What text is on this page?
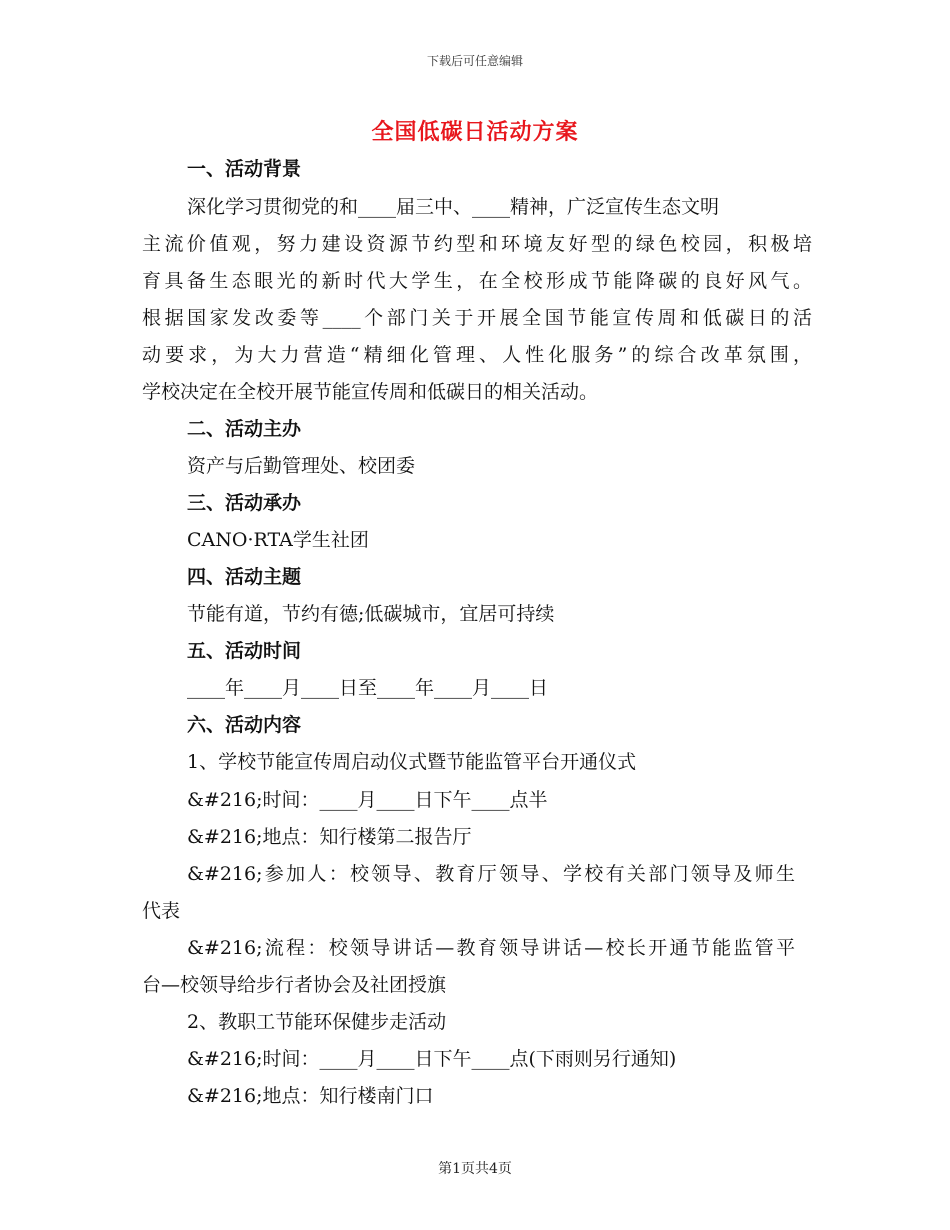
下载后可任意编辑
全国低碳日活动方案
一、活动背景
深化学习贯彻党的和____届三中、____精神，广泛宣传生态文明
主流价值观，努力建设资源节约型和环境友好型的绿色校园，积极培
育具备生态眼光的新时代大学生，在全校形成节能降碳的良好风气。
根据国家发改委等____个部门关于开展全国节能宣传周和低碳日的活
动要求，为大力营造“精细化管理、人性化服务”的综合改革氛围，
学校决定在全校开展节能宣传周和低碳日的相关活动。
二、活动主办
资产与后勤管理处、校团委
三、活动承办
CANO·RTA学生社团
四、活动主题
节能有道，节约有德;低碳城市，宜居可持续
五、活动时间
____年____月____日至____年____月____日
六、活动内容
1、学校节能宣传周启动仪式暨节能监管平台开通仪式
&#216;时间：____月____日下午____点半
&#216;地点：知行楼第二报告厅
&#216;参加人：校领导、教育厅领导、学校有关部门领导及师生
代表
&#216;流程：校领导讲话—教育领导讲话—校长开通节能监管平
台—校领导给步行者协会及社团授旗
2、教职工节能环保健步走活动
&#216;时间：____月____日下午____点(下雨则另行通知)
&#216;地点：知行楼南门口
第1页共4页
